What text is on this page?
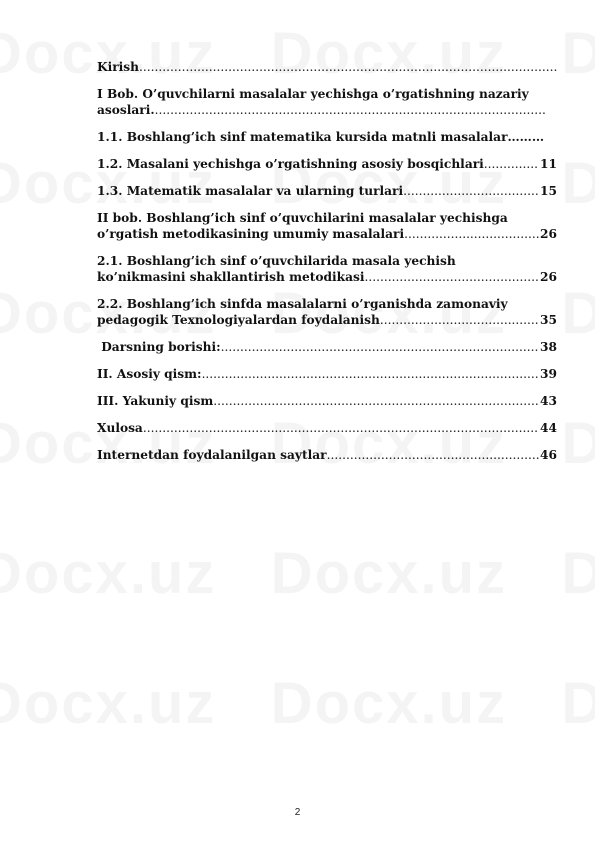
Kirish
.....
I Bob. O’quvchilarni masalalar yechishga o’rgatishning nazariy
asoslari.
.....
1.1. Boshlang’ich sinf matematika kursida matnli masalalar………
1.2. Masalani yechishga o’rgatishning asosiy bosqichlari .....	11
1.3. Matematik masalalar va ularning turlari .....	15
II bob. Boshlang’ich sinf o’quvchilarini masalalar yechishga
o’rgatish metodikasining umumiy masalalari .....	26
2.1. Boshlang’ich sinf o’quvchilarida masala yechish
ko’nikmasini shakllantirish metodikasi .....	26
2.2. Boshlang’ich sinfda masalalarni o’rganishda zamonaviy
pedagogik Texnologiyalardan foydalanish .....	35
Darsning borishi: .....	38
II. Asosiy qism: .....	39
III. Yakuniy qism .....	43
Xulosa .....	44
Internetdan foydalanilgan saytlar .....	46
2
